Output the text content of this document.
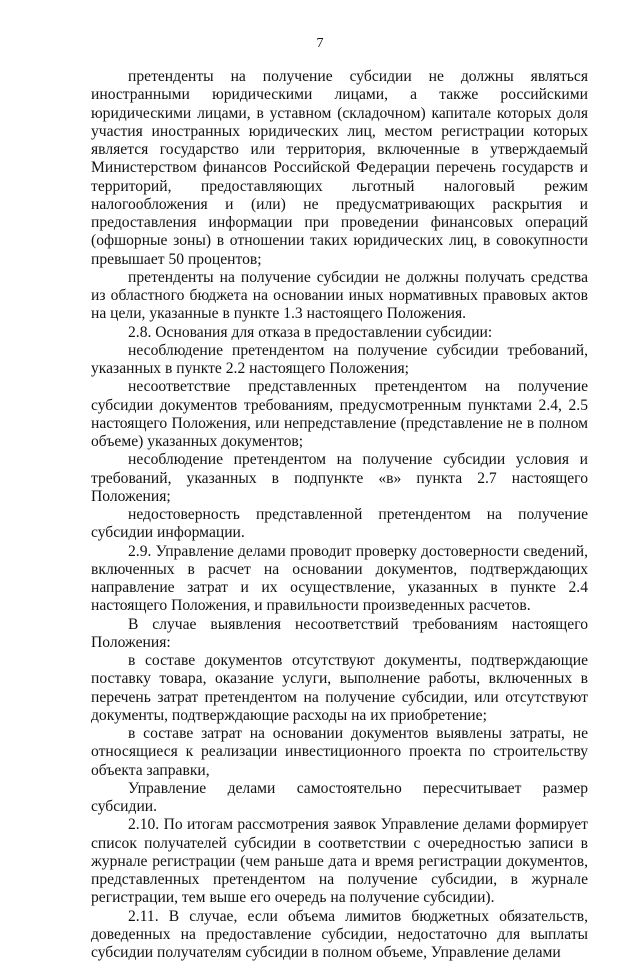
7

претенденты на получение субсидии не должны являться иностранными юридическими лицами, а также российскими юридическими лицами, в уставном (складочном) капитале которых доля участия иностранных юридических лиц, местом регистрации которых является государство или территория, включенные в утверждаемый Министерством финансов Российской Федерации перечень государств и территорий, предоставляющих льготный налоговый режим налогообложения и (или) не предусматривающих раскрытия и предоставления информации при проведении финансовых операций (офшорные зоны) в отношении таких юридических лиц, в совокупности превышает 50 процентов;

претенденты на получение субсидии не должны получать средства из областного бюджета на основании иных нормативных правовых актов на цели, указанные в пункте 1.3 настоящего Положения.

2.8. Основания для отказа в предоставлении субсидии:

несоблюдение претендентом на получение субсидии требований, указанных в пункте 2.2 настоящего Положения;

несоответствие представленных претендентом на получение субсидии документов требованиям, предусмотренным пунктами 2.4, 2.5 настоящего Положения, или непредставление (представление не в полном объеме) указанных документов;

несоблюдение претендентом на получение субсидии условия и требований, указанных в подпункте «в» пункта 2.7 настоящего Положения;

недостоверность представленной претендентом на получение субсидии информации.

2.9. Управление делами проводит проверку достоверности сведений, включенных в расчет на основании документов, подтверждающих направление затрат и их осуществление, указанных в пункте 2.4 настоящего Положения, и правильности произведенных расчетов.

В случае выявления несоответствий требованиям настоящего Положения:

в составе документов отсутствуют документы, подтверждающие поставку товара, оказание услуги, выполнение работы, включенных в перечень затрат претендентом на получение субсидии, или отсутствуют документы, подтверждающие расходы на их приобретение;

в составе затрат на основании документов выявлены затраты, не относящиеся к реализации инвестиционного проекта по строительству объекта заправки,

Управление делами самостоятельно пересчитывает размер субсидии.

2.10. По итогам рассмотрения заявок Управление делами формирует список получателей субсидии в соответствии с очередностью записи в журнале регистрации (чем раньше дата и время регистрации документов, представленных претендентом на получение субсидии, в журнале регистрации, тем выше его очередь на получение субсидии).

2.11. В случае, если объема лимитов бюджетных обязательств, доведенных на предоставление субсидии, недостаточно для выплаты субсидии получателям субсидии в полном объеме, Управление делами
